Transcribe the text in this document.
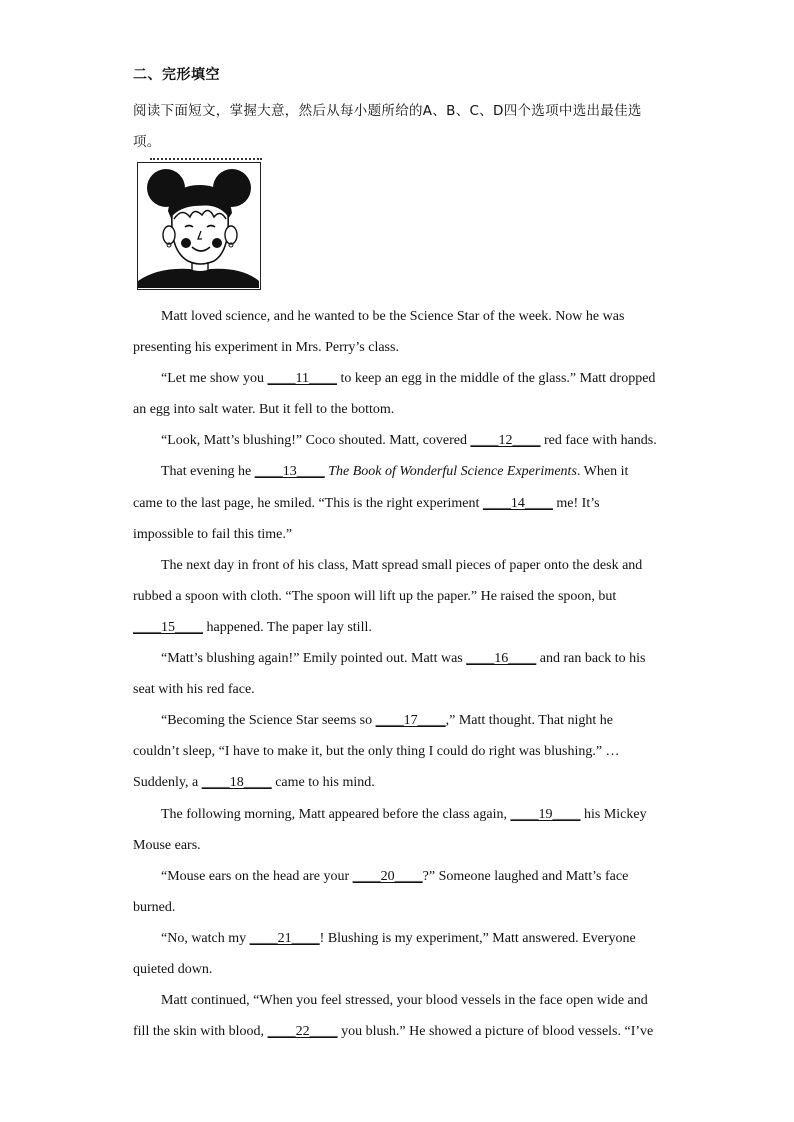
二、完形填空
阅读下面短文，掌握大意，然后从每小题所给的A、B、C、D四个选项中选出最佳选项。
Matt loved science, and he wanted to be the Science Star of the week. Now he was
presenting his experiment in Mrs. Perry’s class.
“Let me show you ____11____ to keep an egg in the middle of the glass.” Matt dropped
an egg into salt water. But it fell to the bottom.
“Look, Matt’s blushing!” Coco shouted. Matt, covered ____12____ red face with hands.
That evening he ____13____ The Book of Wonderful Science Experiments. When it
came to the last page, he smiled. “This is the right experiment ____14____ me! It’s
impossible to fail this time.”
The next day in front of his class, Matt spread small pieces of paper onto the desk and
rubbed a spoon with cloth. “The spoon will lift up the paper.” He raised the spoon, but
____15____ happened. The paper lay still.
“Matt’s blushing again!” Emily pointed out. Matt was ____16____ and ran back to his
seat with his red face.
“Becoming the Science Star seems so ____17____,” Matt thought. That night he
couldn’t sleep, “I have to make it, but the only thing I could do right was blushing.” …
Suddenly, a ____18____ came to his mind.
The following morning, Matt appeared before the class again, ____19____ his Mickey
Mouse ears.
“Mouse ears on the head are your ____20____?” Someone laughed and Matt’s face
burned.
“No, watch my ____21____! Blushing is my experiment,” Matt answered. Everyone
quieted down.
Matt continued, “When you feel stressed, your blood vessels in the face open wide and
fill the skin with blood, ____22____ you blush.” He showed a picture of blood vessels. “I’ve
